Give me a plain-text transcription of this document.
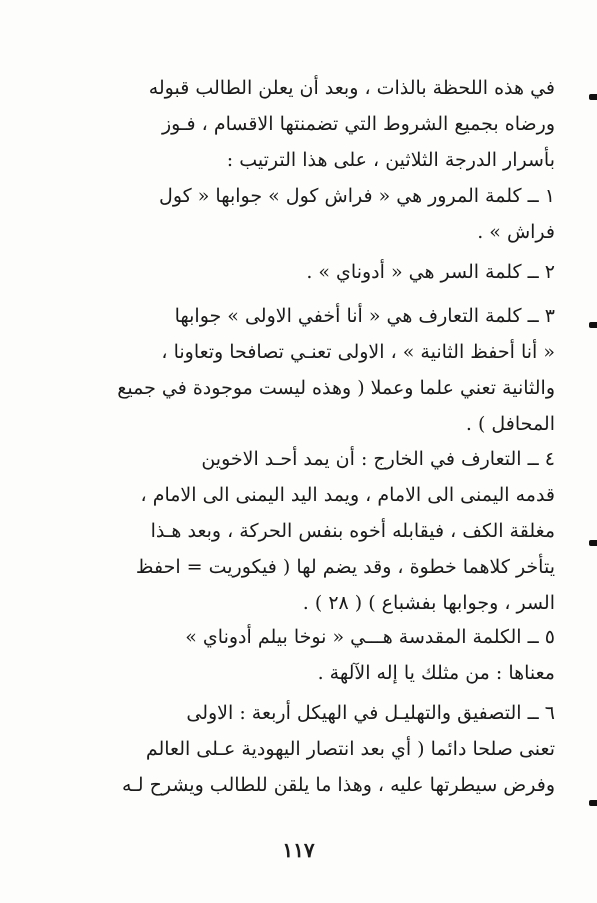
في هذه اللحظة بالذات ، وبعد أن يعلن الطالب قبوله
ورضاه بجميع الشروط التي تضمنتها الاقسام ، فـوز
بأسرار الدرجة الثلاثين ، على هذا الترتيب :
١ ــ كلمة المرور هي « فراش كول » جوابها « كول
فراش » .
٢ ــ كلمة السر هي « أدوناي » .
٣ ــ كلمة التعارف هي « أنا أخفي الاولى » جوابها
« أنا أحفظ الثانية » ، الاولى تعنـي تصافحا وتعاونا ،
والثانية تعني علما وعملا ( وهذه ليست موجودة في جميع
المحافل ) .
٤ ــ التعارف في الخارج : أن يمد أحـد الاخوين
قدمه اليمنى الى الامام ، ويمد اليد اليمنى الى الامام ،
مغلقة الكف ، فيقابله أخوه بنفس الحركة ، وبعد هـذا
يتأخر كلاهما خطوة ، وقد يضم لها ( فيكوريت = احفظ
السر ، وجوابها بفشباع ) ( ٢٨ ) .
٥ ــ الكلمة المقدسة هـــي « نوخا بيلم أدوناي »
معناها : من مثلك يا إله الآلهة .
٦ ــ التصفيق والتهليـل في الهيكل أربعة : الاولى
تعنى صلحا دائما ( أي بعد انتصار اليهودية عـلى العالم
وفرض سيطرتها عليه ، وهذا ما يلقن للطالب ويشرح لـه
١١٧
